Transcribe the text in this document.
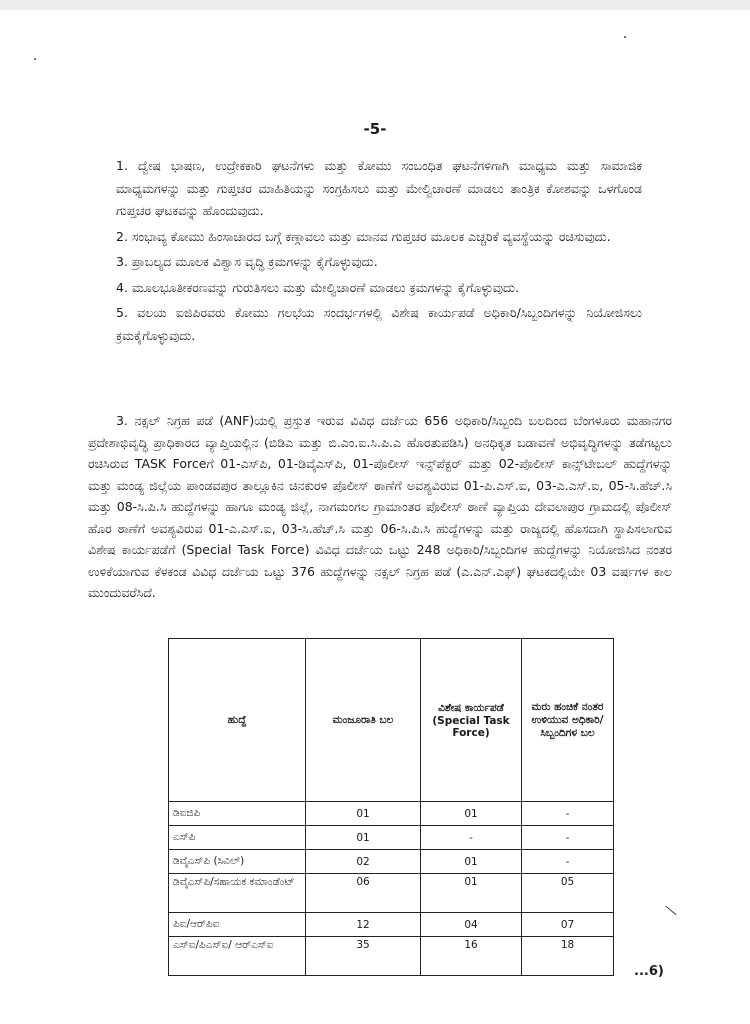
-5-

1. ದ್ವೇಷ ಭಾಷಣ, ಉದ್ರೇಕಕಾರಿ ಘಟನೆಗಳು ಮತ್ತು ಕೋಮು ಸಂಬಂಧಿತ ಘಟನೆಗಳಿಗಾಗಿ ಮಾಧ್ಯಮ ಮತ್ತು ಸಾಮಾಜಿಕ ಮಾಧ್ಯಮಗಳನ್ನು ಮತ್ತು ಗುಪ್ತಚರ ಮಾಹಿತಿಯನ್ನು ಸಂಗ್ರಹಿಸಲು ಮತ್ತು ಮೇಲ್ವಿಚಾರಣೆ ಮಾಡಲು ತಾಂತ್ರಿಕ ಕೋಶವನ್ನು ಒಳಗೊಂಡ ಗುಪ್ತಚರ ಘಟಕವನ್ನು ಹೊಂದುವುದು.

2. ಸಂಭಾವ್ಯ ಕೋಮು ಹಿಂಸಾಚಾರದ ಬಗ್ಗೆ ಕಣ್ಗಾವಲು ಮತ್ತು ಮಾನವ ಗುಪ್ತಚರ ಮೂಲಕ ಎಚ್ಚರಿಕೆ ವ್ಯವಸ್ಥೆಯನ್ನು ರಚಿಸುವುದು.

3. ಪ್ರಾಬಲ್ಯದ ಮೂಲಕ ವಿಶ್ವಾಸ ವೃದ್ಧಿ ಕ್ರಮಗಳನ್ನು ಕೈಗೊಳ್ಳುವುದು.

4. ಮೂಲಭೂತೀಕರಣವನ್ನು ಗುರುತಿಸಲು ಮತ್ತು ಮೇಲ್ವಿಚಾರಣೆ ಮಾಡಲು ಕ್ರಮಗಳನ್ನು ಕೈಗೊಳ್ಳುವುದು.

5. ವಲಯ ಐಜಿಪಿರವರು ಕೋಮು ಗಲಭೆಯ ಸಂದರ್ಭಗಳಲ್ಲಿ ವಿಶೇಷ ಕಾರ್ಯಪಡೆ ಅಧಿಕಾರಿ/ಸಿಬ್ಬಂದಿಗಳನ್ನು ನಿಯೋಜಿಸಲು ಕ್ರಮಕೈಗೊಳ್ಳುವುದು.

3. ನಕ್ಸಲ್ ನಿಗ್ರಹ ಪಡೆ (ANF)ಯಲ್ಲಿ ಪ್ರಸ್ತುತ ಇರುವ ವಿವಿಧ ದರ್ಜೆಯ 656 ಅಧಿಕಾರಿ/ಸಿಬ್ಬಂದಿ ಬಲದಿಂದ ಬೆಂಗಳೂರು ಮಹಾನಗರ ಪ್ರದೇಶಾಭಿವೃದ್ಧಿ ಪ್ರಾಧಿಕಾರದ ವ್ಯಾಪ್ತಿಯಲ್ಲಿನ (ಬಿಡಿಎ ಮತ್ತು ಬಿ.ಎಂ.ಐ.ಸಿ.ಪಿ.ಎ ಹೊರತುಪಡಿಸಿ) ಅನಧಿಕೃತ ಬಡಾವಣೆ ಅಭಿವೃದ್ಧಿಗಳನ್ನು ತಡೆಗಟ್ಟಲು ರಚಿಸಿರುವ TASK Forceಗೆ 01-ಎಸ್‌ಪಿ, 01-ಡಿವೈಎಸ್‌ಪಿ, 01-ಪೊಲೀಸ್ ಇನ್ಸ್‌ಪೆಕ್ಟರ್ ಮತ್ತು 02-ಪೊಲೀಸ್ ಕಾನ್ಸ್‌ಟೇಬಲ್ ಹುದ್ದೆಗಳನ್ನು ಮತ್ತು ಮಂಡ್ಯ ಜಿಲ್ಲೆಯ ಪಾಂಡವಪುರ ತಾಲ್ಲೂಕಿನ ಚಿನಕುರಳಿ ಪೊಲೀಸ್ ಠಾಣೆಗೆ ಅವಶ್ಯವಿರುವ 01-ಪಿ.ಎಸ್.ಐ, 03-ಎ.ಎಸ್.ಐ, 05-ಸಿ.ಹೆಚ್.ಸಿ ಮತ್ತು 08-ಸಿ.ಪಿ.ಸಿ ಹುದ್ದೆಗಳನ್ನು ಹಾಗೂ ಮಂಡ್ಯ ಜಿಲ್ಲೆ, ನಾಗಮಂಗಲ ಗ್ರಾಮಾಂತರ ಪೊಲೀಸ್ ಠಾಣೆ ವ್ಯಾಪ್ತಿಯ ದೇವಲಾಪುರ ಗ್ರಾಮದಲ್ಲಿ ಪೊಲೀಸ್ ಹೊರ ಠಾಣೆಗೆ ಅವಶ್ಯವಿರುವ 01-ಎ.ಎಸ್.ಐ, 03-ಸಿ.ಹೆಚ್.ಸಿ ಮತ್ತು 06-ಸಿ.ಪಿ.ಸಿ ಹುದ್ದೆಗಳನ್ನು ಮತ್ತು ರಾಜ್ಯದಲ್ಲಿ ಹೊಸದಾಗಿ ಸ್ಥಾಪಿಸಲಾಗುವ ವಿಶೇಷ ಕಾರ್ಯಪಡೆಗೆ (Special Task Force) ವಿವಿಧ ದರ್ಜೆಯ ಒಟ್ಟು 248 ಅಧಿಕಾರಿ/ಸಿಬ್ಬಂದಿಗಳ ಹುದ್ದೆಗಳನ್ನು ನಿಯೋಜಿಸಿದ ನಂತರ ಉಳಿಕೆಯಾಗುವ ಕೆಳಕಂಡ ವಿವಿಧ ದರ್ಜೆಯ ಒಟ್ಟು 376 ಹುದ್ದೆಗಳನ್ನು ನಕ್ಸಲ್ ನಿಗ್ರಹ ಪಡೆ (ಎ.ಎನ್.ಎಫ್) ಘಟಕದಲ್ಲಿಯೇ 03 ವರ್ಷಗಳ ಕಾಲ ಮುಂದುವರೆಸಿದೆ.
ಹುದ್ದೆ	ಮಂಜೂರಾತಿ ಬಲ	ವಿಶೇಷ ಕಾರ್ಯಪಡೆ (Special Task Force)	ಮರು ಹಂಚಿಕೆ ನಂತರ ಉಳಿಯುವ ಅಧಿಕಾರಿ/ ಸಿಬ್ಬಂದಿಗಳ ಬಲ
ಡಿಐಜಿಪಿ	01	01	-
ಎಸ್‌ಪಿ	01	-	-
ಡಿವೈಎಸ್‌ಪಿ (ಸಿವಿಲ್)	02	01	-
ಡಿವೈಎಸ್‌ಪಿ/ಸಹಾಯಕ ಕಮಾಂಡೆಂಟ್	06	01	05
ಪಿಐ/ಆರ್‌ಪಿಐ	12	04	07
ಎಸ್‌ಐ/ಪಿಎಸ್‌ಐ/ ಆರ್‌ಎಸ್‌ಐ	35	16	18
...6)
